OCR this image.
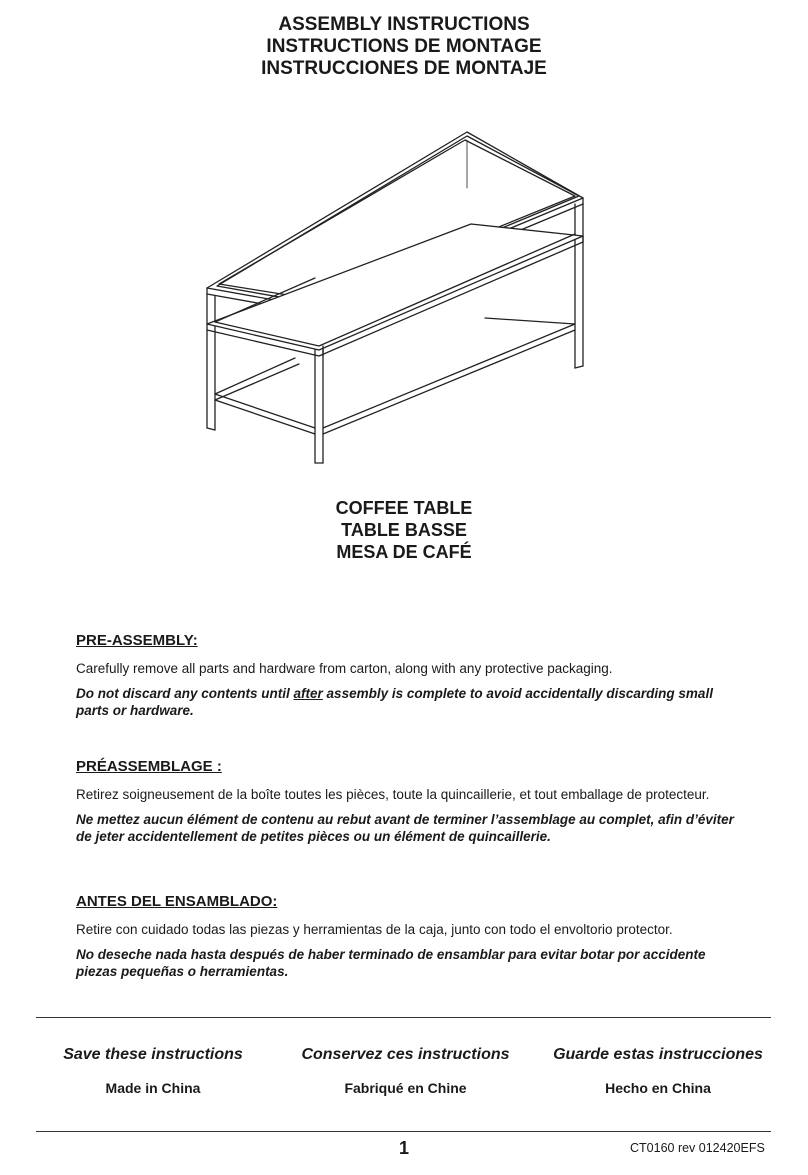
ASSEMBLY INSTRUCTIONS
INSTRUCTIONS DE MONTAGE
INSTRUCCIONES DE MONTAJE
COFFEE TABLE
TABLE BASSE
MESA DE CAFÉ
PRE-ASSEMBLY:

Carefully remove all parts and hardware from carton, along with any protective packaging.

Do not discard any contents until after assembly is complete to avoid accidentally discarding small parts or hardware.

PRÉASSEMBLAGE :

Retirez soigneusement de la boîte toutes les pièces, toute la quincaillerie, et tout emballage de protecteur.

Ne mettez aucun élément de contenu au rebut avant de terminer l’assemblage au complet, afin d’éviter de jeter accidentellement de petites pièces ou un élément de quincaillerie.

ANTES DEL ENSAMBLADO:

Retire con cuidado todas las piezas y herramientas de la caja, junto con todo el envoltorio protector.

No deseche nada hasta después de haber terminado de ensamblar para evitar botar por accidente piezas pequeñas o herramientas.

Save these instructions
Made in China
Conservez ces instructions
Fabriqué en Chine
Guarde estas instrucciones
Hecho en China
1	CT0160 rev 012420EFS
